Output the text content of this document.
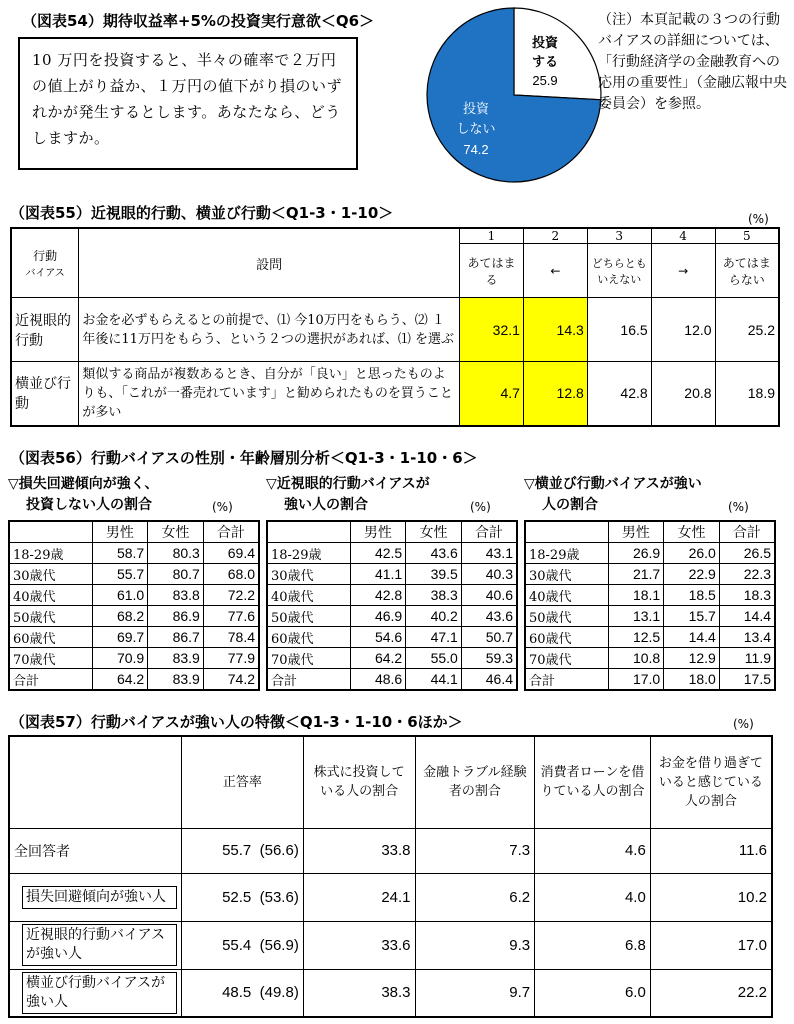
（図表54）期待収益率+5%の投資実行意欲＜Q6＞
10 万円を投資すると、半々の確率で２万円の値上がり益か、１万円の値下がり損のいずれかが発生するとします。あなたなら、どうしますか。
投資
する
25.9
投資
しない
74.2
（注）本頁記載の３つの行動バイアスの詳細については、「行動経済学の金融教育への応用の重要性」（金融広報中央委員会）を参照。
（図表55）近視眼的行動、横並び行動＜Q1-3・1-10＞	(%)
行動
バイアス	設問	1	2	3	4	5
		あてはまる	←	どちらともいえない	→	あてはまらない
近視眼的行動	お金を必ずもらえるとの前提で、⑴ 今10万円をもらう、⑵ １年後に11万円をもらう、という２つの選択があれば、⑴ を選ぶ	32.1	14.3	16.5	12.0	25.2
横並び行動	類似する商品が複数あるとき、自分が「良い」と思ったものよりも、「これが一番売れています」と勧められたものを買うことが多い	4.7	12.8	42.8	20.8	18.9
（図表56）行動バイアスの性別・年齢層別分析＜Q1-3・1-10・6＞
▽損失回避傾向が強く、
投資しない人の割合	(%)
	男性	女性	合計
18-29歳	58.7	80.3	69.4
30歳代	55.7	80.7	68.0
40歳代	61.0	83.8	72.2
50歳代	68.2	86.9	77.6
60歳代	69.7	86.7	78.4
70歳代	70.9	83.9	77.9
合計	64.2	83.9	74.2
▽近視眼的行動バイアスが
強い人の割合	(%)
	男性	女性	合計
18-29歳	42.5	43.6	43.1
30歳代	41.1	39.5	40.3
40歳代	42.8	38.3	40.6
50歳代	46.9	40.2	43.6
60歳代	54.6	47.1	50.7
70歳代	64.2	55.0	59.3
合計	48.6	44.1	46.4
▽横並び行動バイアスが強い
人の割合	(%)
	男性	女性	合計
18-29歳	26.9	26.0	26.5
30歳代	21.7	22.9	22.3
40歳代	18.1	18.5	18.3
50歳代	13.1	15.7	14.4
60歳代	12.5	14.4	13.4
70歳代	10.8	12.9	11.9
合計	17.0	18.0	17.5
（図表57）行動バイアスが強い人の特徴＜Q1-3・1-10・6ほか＞	(%)
	正答率	株式に投資している人の割合	金融トラブル経験者の割合	消費者ローンを借りている人の割合	お金を借り過ぎていると感じている人の割合
全回答者	55.7 (56.6)	33.8	7.3	4.6	11.6

損失回避傾向が強い人	52.5 (53.6)	24.1	6.2	4.0	10.2

近視眼的行動バイアスが強い人	55.4 (56.9)	33.6	9.3	6.8	17.0

横並び行動バイアスが強い人	48.5 (49.8)	38.3	9.7	6.0	22.2
